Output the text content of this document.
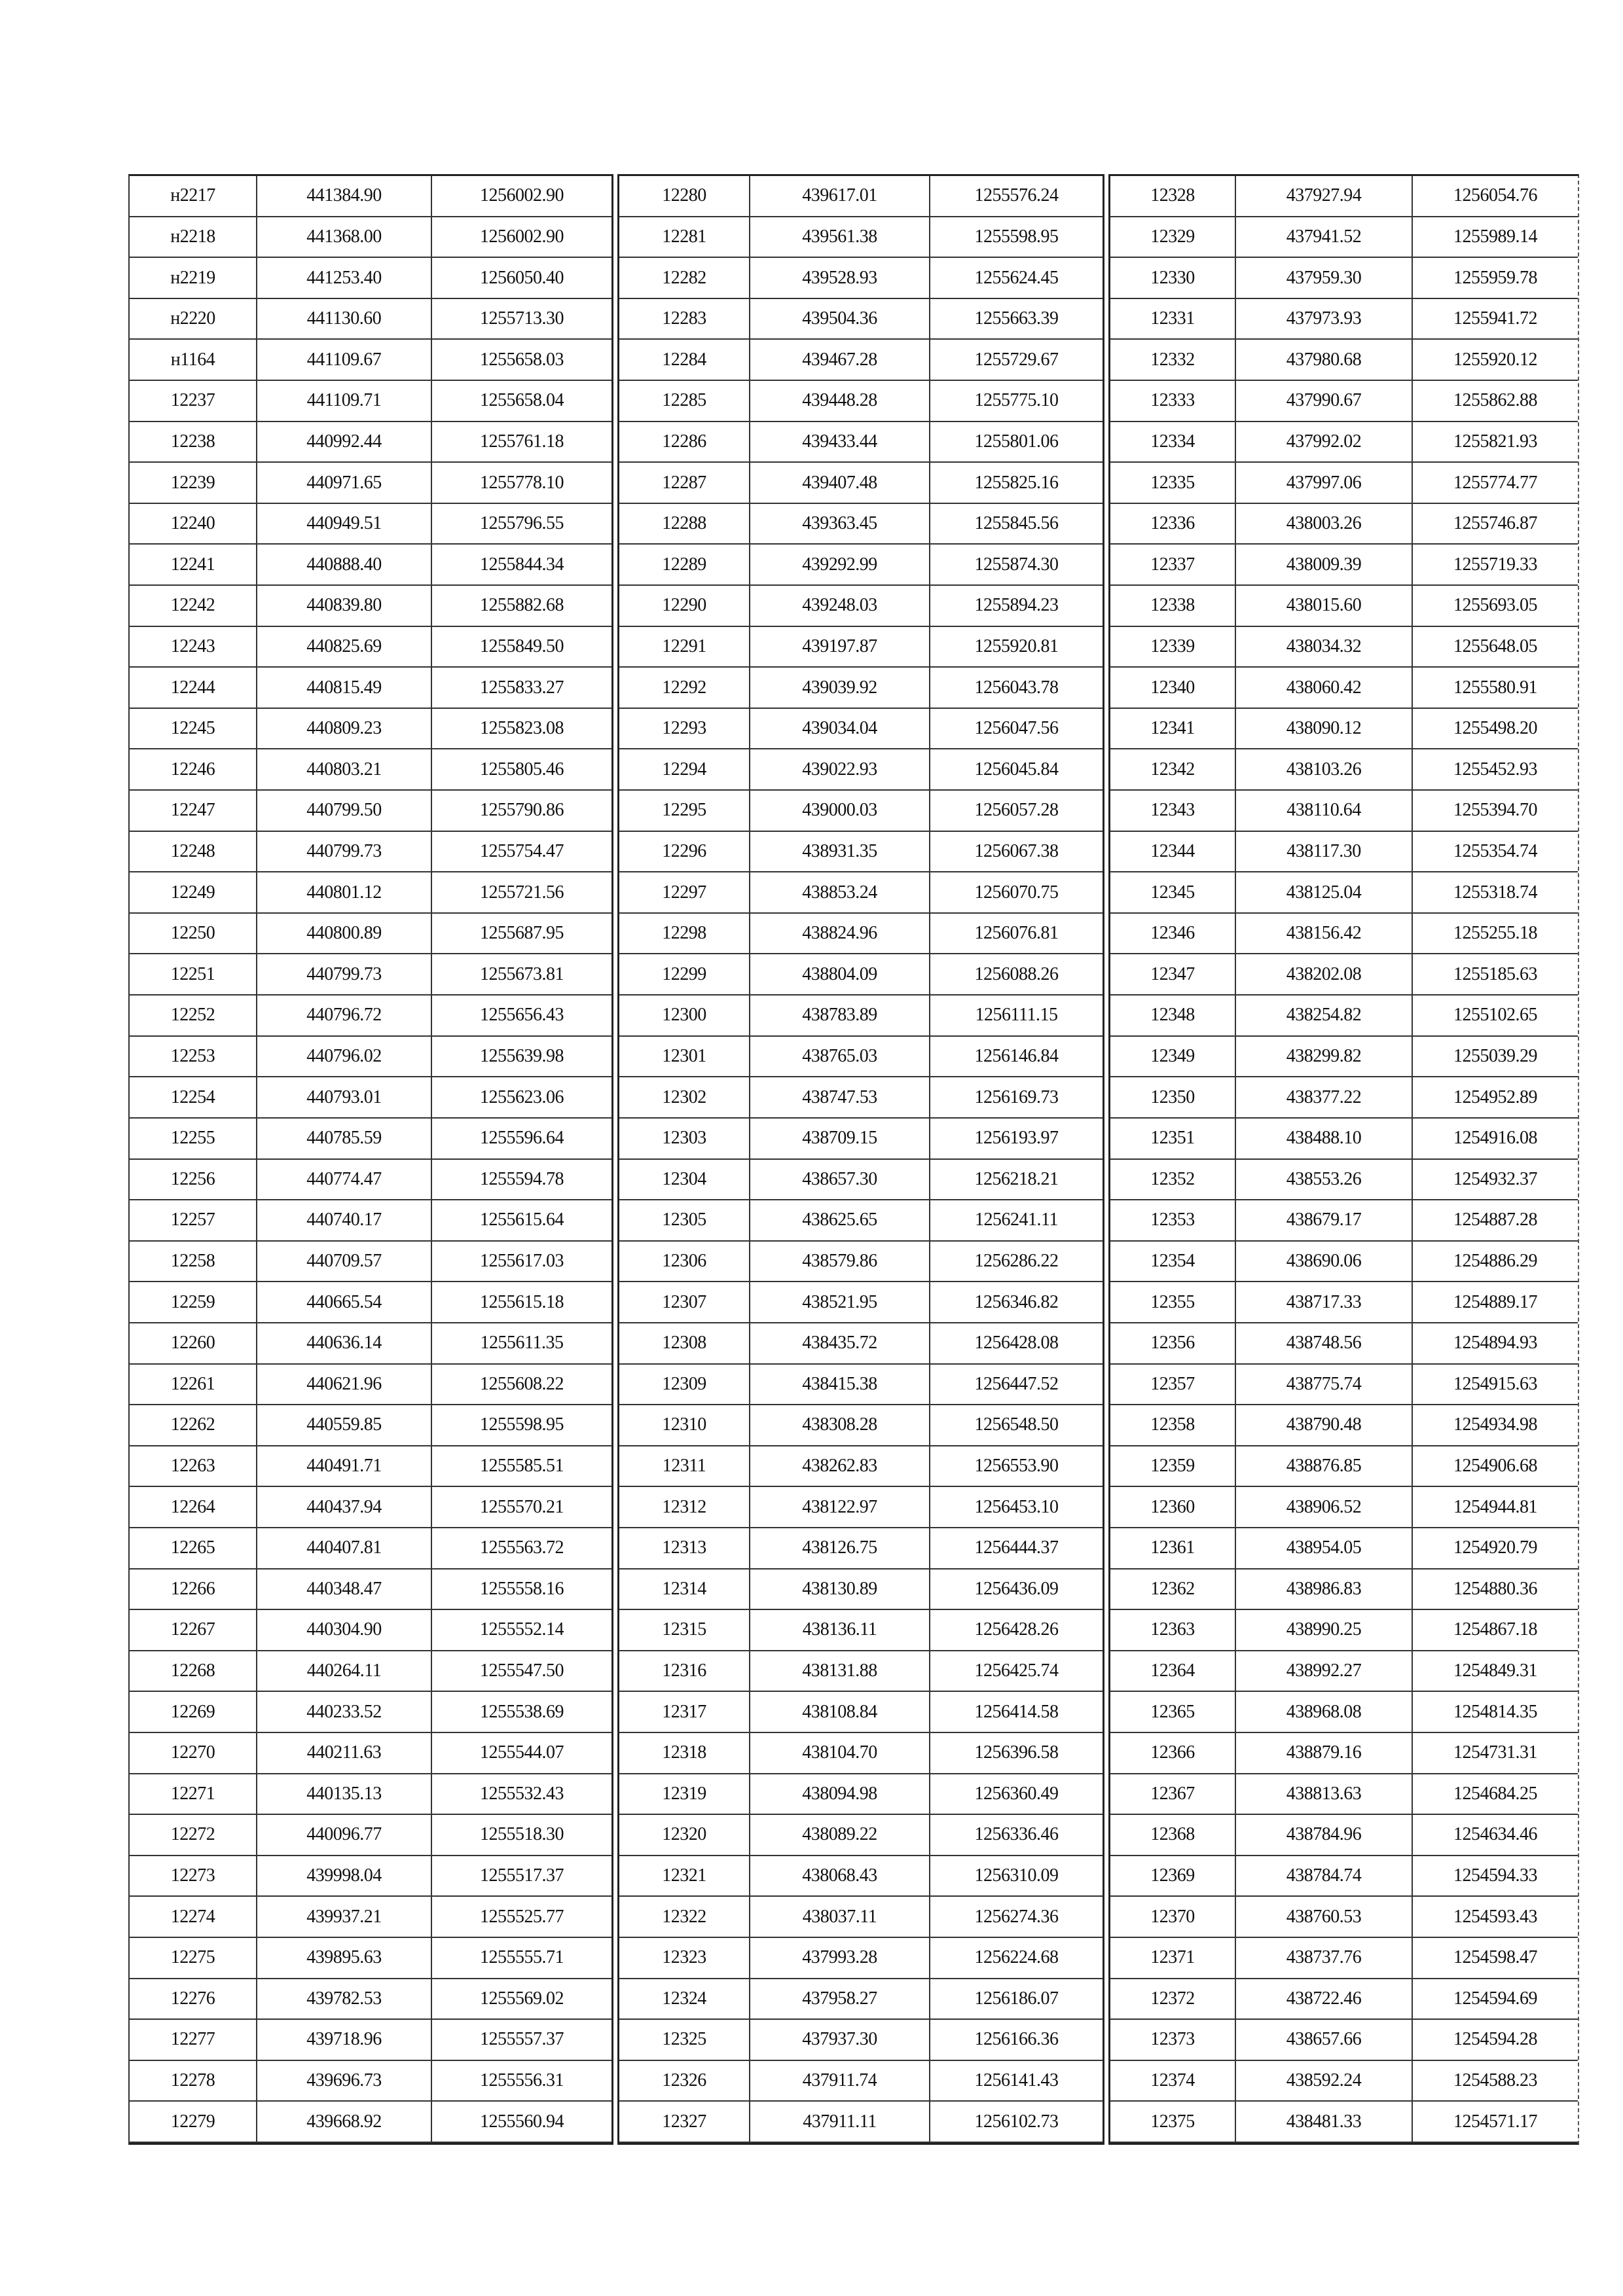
н2217	441384.90	1256002.90
н2218	441368.00	1256002.90
н2219	441253.40	1256050.40
н2220	441130.60	1255713.30
н1164	441109.67	1255658.03
12237	441109.71	1255658.04
12238	440992.44	1255761.18
12239	440971.65	1255778.10
12240	440949.51	1255796.55
12241	440888.40	1255844.34
12242	440839.80	1255882.68
12243	440825.69	1255849.50
12244	440815.49	1255833.27
12245	440809.23	1255823.08
12246	440803.21	1255805.46
12247	440799.50	1255790.86
12248	440799.73	1255754.47
12249	440801.12	1255721.56
12250	440800.89	1255687.95
12251	440799.73	1255673.81
12252	440796.72	1255656.43
12253	440796.02	1255639.98
12254	440793.01	1255623.06
12255	440785.59	1255596.64
12256	440774.47	1255594.78
12257	440740.17	1255615.64
12258	440709.57	1255617.03
12259	440665.54	1255615.18
12260	440636.14	1255611.35
12261	440621.96	1255608.22
12262	440559.85	1255598.95
12263	440491.71	1255585.51
12264	440437.94	1255570.21
12265	440407.81	1255563.72
12266	440348.47	1255558.16
12267	440304.90	1255552.14
12268	440264.11	1255547.50
12269	440233.52	1255538.69
12270	440211.63	1255544.07
12271	440135.13	1255532.43
12272	440096.77	1255518.30
12273	439998.04	1255517.37
12274	439937.21	1255525.77
12275	439895.63	1255555.71
12276	439782.53	1255569.02
12277	439718.96	1255557.37
12278	439696.73	1255556.31
12279	439668.92	1255560.94
12280	439617.01	1255576.24
12281	439561.38	1255598.95
12282	439528.93	1255624.45
12283	439504.36	1255663.39
12284	439467.28	1255729.67
12285	439448.28	1255775.10
12286	439433.44	1255801.06
12287	439407.48	1255825.16
12288	439363.45	1255845.56
12289	439292.99	1255874.30
12290	439248.03	1255894.23
12291	439197.87	1255920.81
12292	439039.92	1256043.78
12293	439034.04	1256047.56
12294	439022.93	1256045.84
12295	439000.03	1256057.28
12296	438931.35	1256067.38
12297	438853.24	1256070.75
12298	438824.96	1256076.81
12299	438804.09	1256088.26
12300	438783.89	1256111.15
12301	438765.03	1256146.84
12302	438747.53	1256169.73
12303	438709.15	1256193.97
12304	438657.30	1256218.21
12305	438625.65	1256241.11
12306	438579.86	1256286.22
12307	438521.95	1256346.82
12308	438435.72	1256428.08
12309	438415.38	1256447.52
12310	438308.28	1256548.50
12311	438262.83	1256553.90
12312	438122.97	1256453.10
12313	438126.75	1256444.37
12314	438130.89	1256436.09
12315	438136.11	1256428.26
12316	438131.88	1256425.74
12317	438108.84	1256414.58
12318	438104.70	1256396.58
12319	438094.98	1256360.49
12320	438089.22	1256336.46
12321	438068.43	1256310.09
12322	438037.11	1256274.36
12323	437993.28	1256224.68
12324	437958.27	1256186.07
12325	437937.30	1256166.36
12326	437911.74	1256141.43
12327	437911.11	1256102.73
12328	437927.94	1256054.76
12329	437941.52	1255989.14
12330	437959.30	1255959.78
12331	437973.93	1255941.72
12332	437980.68	1255920.12
12333	437990.67	1255862.88
12334	437992.02	1255821.93
12335	437997.06	1255774.77
12336	438003.26	1255746.87
12337	438009.39	1255719.33
12338	438015.60	1255693.05
12339	438034.32	1255648.05
12340	438060.42	1255580.91
12341	438090.12	1255498.20
12342	438103.26	1255452.93
12343	438110.64	1255394.70
12344	438117.30	1255354.74
12345	438125.04	1255318.74
12346	438156.42	1255255.18
12347	438202.08	1255185.63
12348	438254.82	1255102.65
12349	438299.82	1255039.29
12350	438377.22	1254952.89
12351	438488.10	1254916.08
12352	438553.26	1254932.37
12353	438679.17	1254887.28
12354	438690.06	1254886.29
12355	438717.33	1254889.17
12356	438748.56	1254894.93
12357	438775.74	1254915.63
12358	438790.48	1254934.98
12359	438876.85	1254906.68
12360	438906.52	1254944.81
12361	438954.05	1254920.79
12362	438986.83	1254880.36
12363	438990.25	1254867.18
12364	438992.27	1254849.31
12365	438968.08	1254814.35
12366	438879.16	1254731.31
12367	438813.63	1254684.25
12368	438784.96	1254634.46
12369	438784.74	1254594.33
12370	438760.53	1254593.43
12371	438737.76	1254598.47
12372	438722.46	1254594.69
12373	438657.66	1254594.28
12374	438592.24	1254588.23
12375	438481.33	1254571.17
